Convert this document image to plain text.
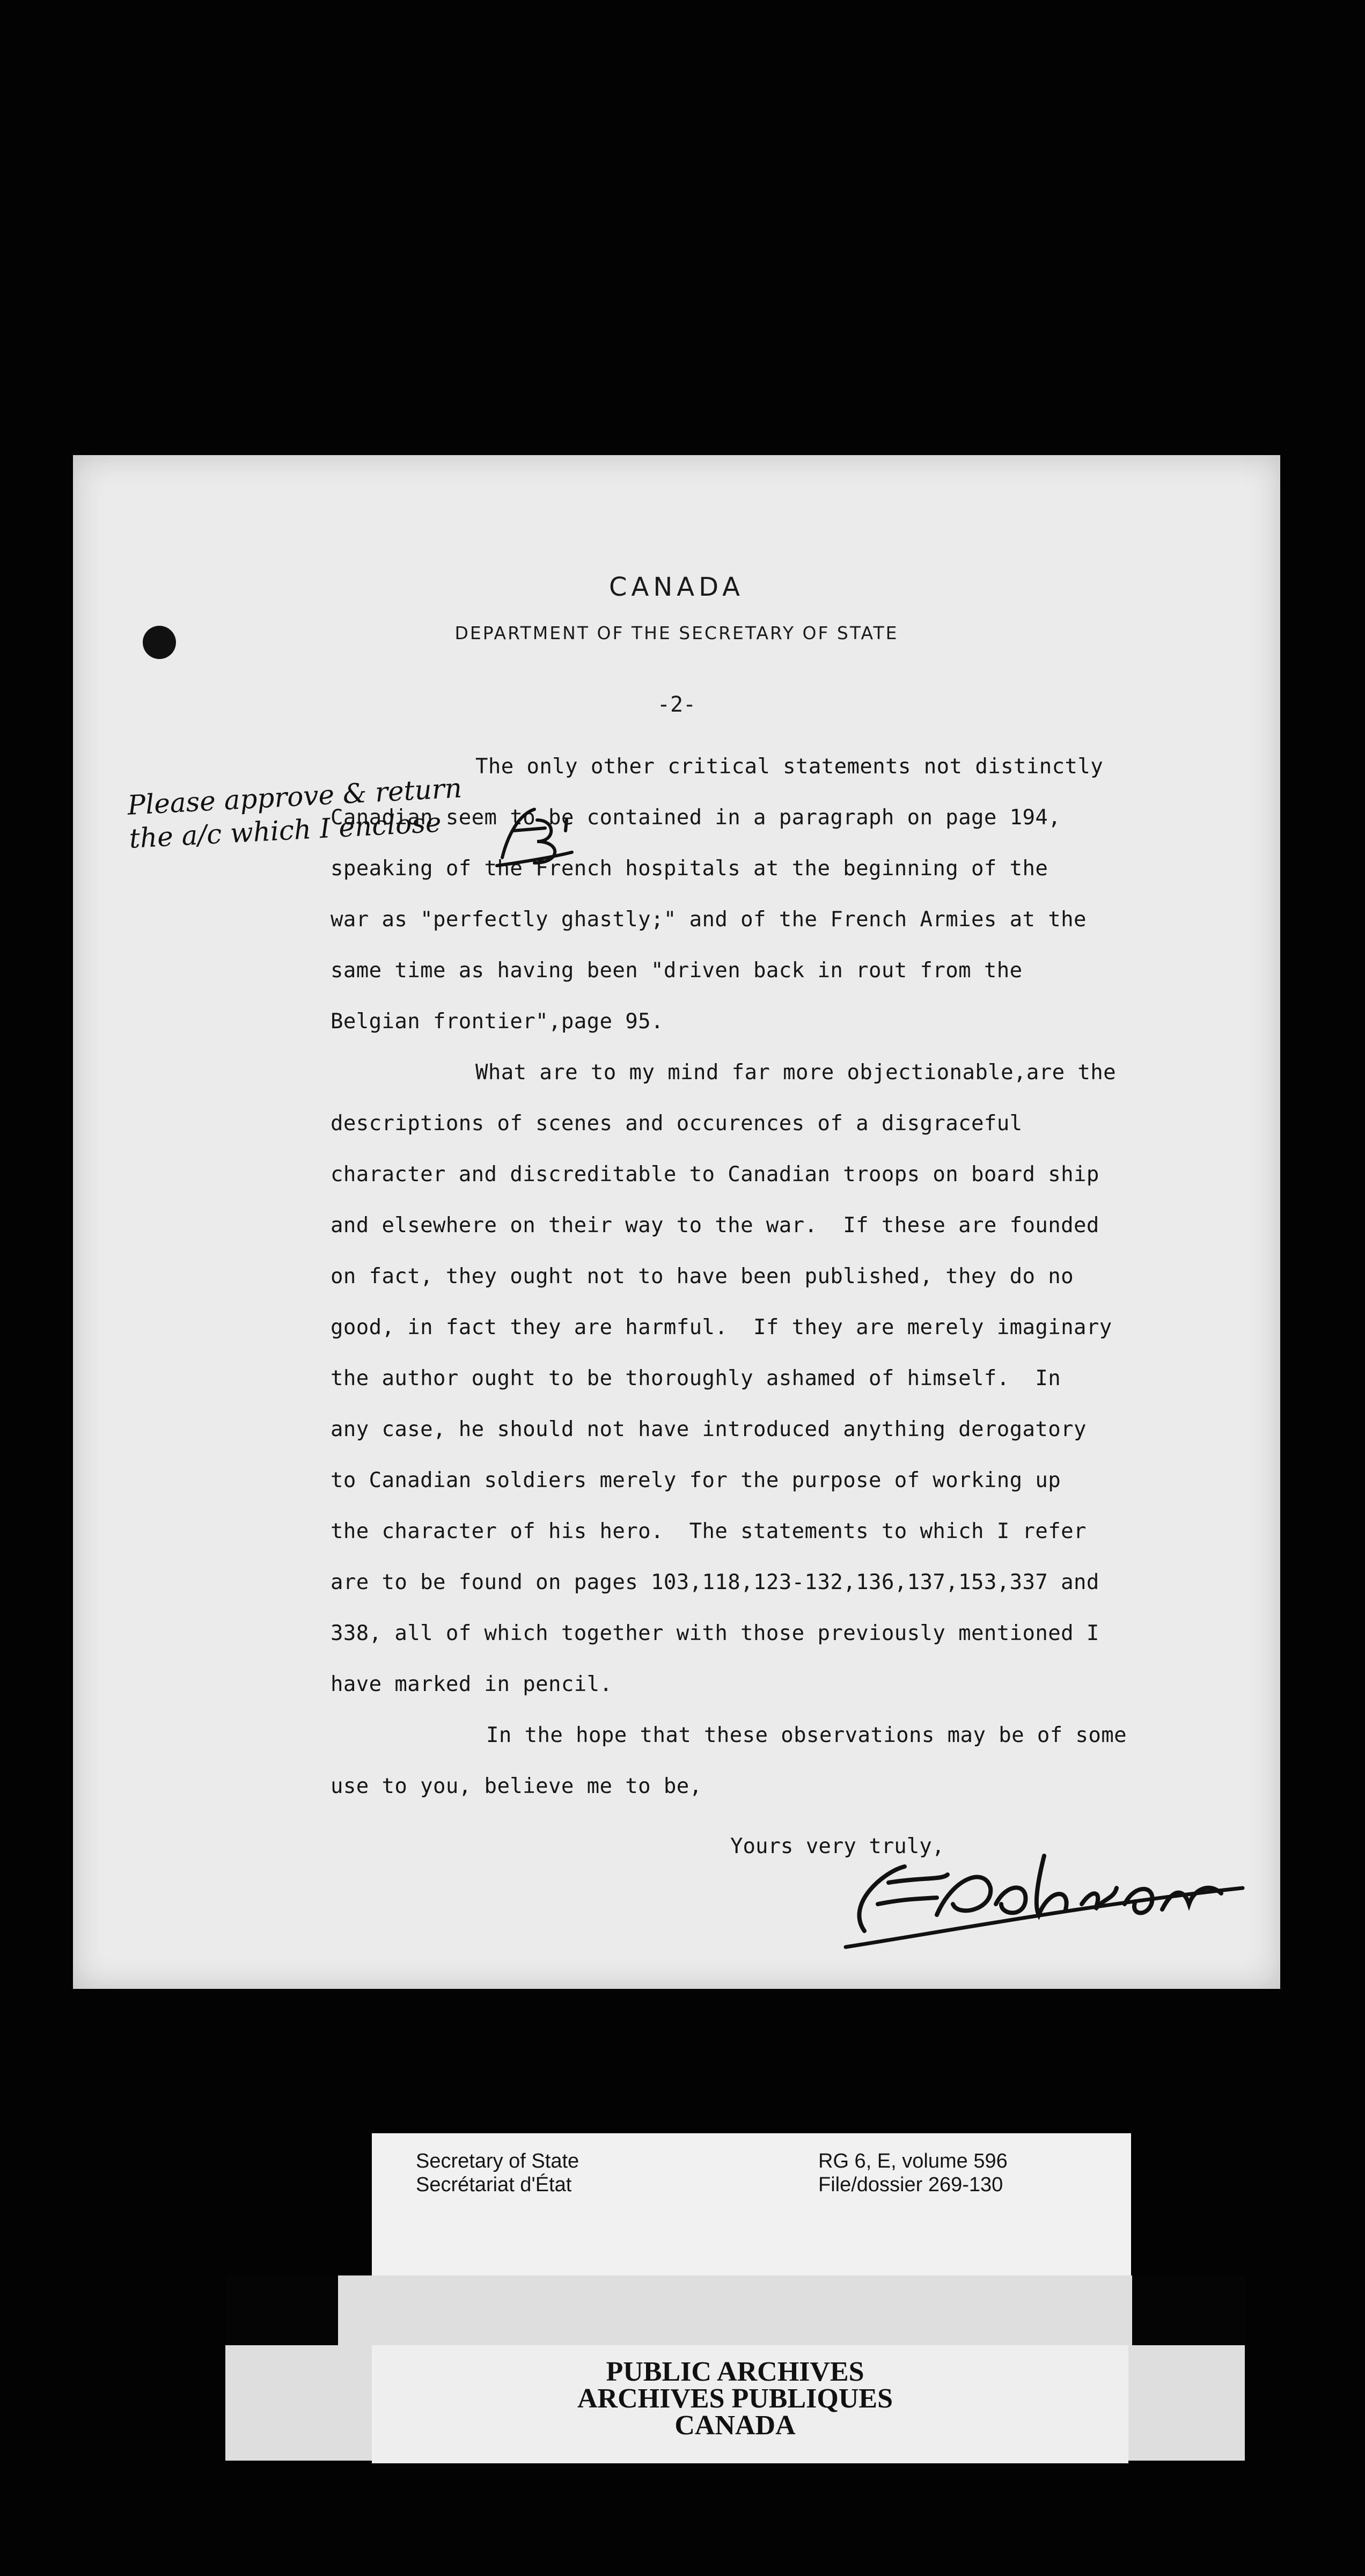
CANADA
DEPARTMENT OF THE SECRETARY OF STATE
-2-
The only other critical statements not distinctly
Canadian seem to be contained in a paragraph on page 194,
speaking of the French hospitals at the beginning of the
war as "perfectly ghastly;" and of the French Armies at the
same time as having been "driven back in rout from the
Belgian frontier",page 95.
What are to my mind far more objectionable,are the
descriptions of scenes and occurences of a disgraceful
character and discreditable to Canadian troops on board ship
and elsewhere on their way to the war.  If these are founded
on fact, they ought not to have been published, they do no
good, in fact they are harmful.  If they are merely imaginary
the author ought to be thoroughly ashamed of himself.  In
any case, he should not have introduced anything derogatory
to Canadian soldiers merely for the purpose of working up
the character of his hero.  The statements to which I refer
are to be found on pages 103,118,123-132,136,137,153,337 and
338, all of which together with those previously mentioned I
have marked in pencil.
In the hope that these observations may be of some
use to you, believe me to be,
Yours very truly,
Please approve & return
the a/c which I enclose
Secretary of State
Secrétariat d'État
RG 6, E, volume 596
File/dossier 269-130
PUBLIC ARCHIVES
ARCHIVES PUBLIQUES
CANADA
